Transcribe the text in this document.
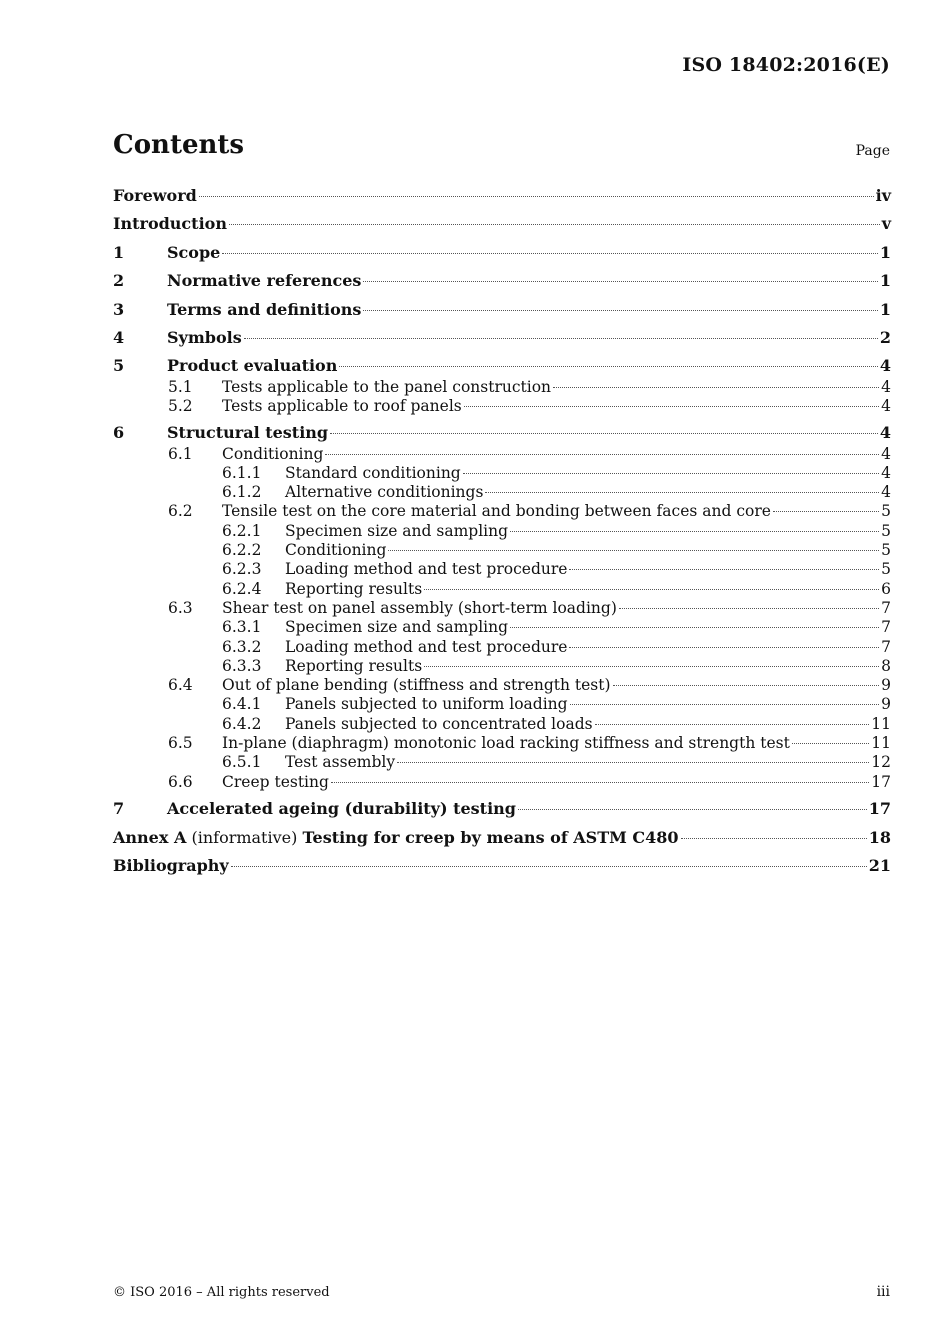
ISO 18402:2016(E)
Contents	Page
Foreword	iv
Introduction	v
1	Scope	1
2	Normative references	1
3	Terms and definitions	1
4	Symbols	2
5	Product evaluation	4
5.1 Tests applicable to the panel construction	4
5.2 Tests applicable to roof panels	4
6	Structural testing	4
6.1 Conditioning	4
6.1.1 Standard conditioning	4
6.1.2 Alternative conditionings	4
6.2 Tensile test on the core material and bonding between faces and core	5
6.2.1 Specimen size and sampling	5
6.2.2 Conditioning	5
6.2.3 Loading method and test procedure	5
6.2.4 Reporting results	6
6.3 Shear test on panel assembly (short-term loading)	7
6.3.1 Specimen size and sampling	7
6.3.2 Loading method and test procedure	7
6.3.3 Reporting results	8
6.4 Out of plane bending (stiffness and strength test)	9
6.4.1 Panels subjected to uniform loading	9
6.4.2 Panels subjected to concentrated loads	11
6.5 In-plane (diaphragm) monotonic load racking stiffness and strength test	11
6.5.1 Test assembly	12
6.6 Creep testing	17
7	Accelerated ageing (durability) testing	17
Annex A (informative) Testing for creep by means of ASTM C480	18
Bibliography	21
© ISO 2016 – All rights reserved	iii
